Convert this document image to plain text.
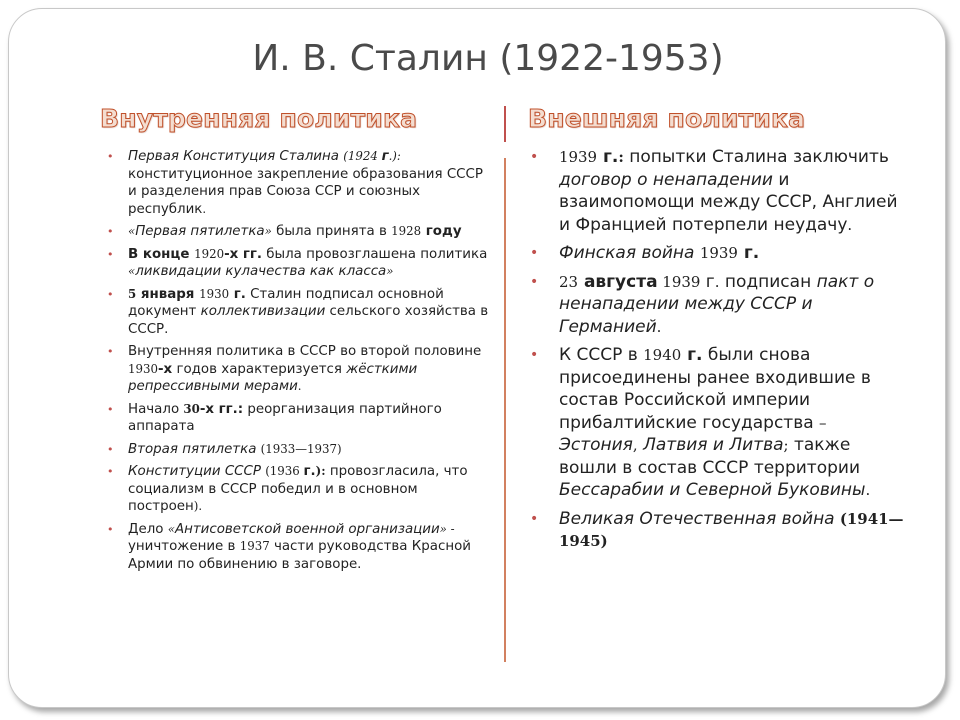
И. В. Сталин (1922-1953)
Внутренняя политика	Внешняя политика
• Первая Конституция Сталина (1924 г.): конституционное закрепление образования СССР и разделения прав Союза ССР и союзных республик.
• «Первая пятилетка» была принята в 1928 году
• В конце 1920-х гг. была провозглашена политика «ликвидации кулачества как класса»
• 5 января 1930 г. Сталин подписал основной документ коллективизации сельского хозяйства в СССР.
• Внутренняя политика в СССР во второй половине 1930-х годов характеризуется жёсткими репрессивными мерами.
• Начало 30-х гг.: реорганизация партийного аппарата
• Вторая пятилетка (1933—1937)
• Конституции СССР (1936 г.): провозгласила, что социализм в СССР победил и в основном построен).
• Дело «Антисоветской военной организации» - уничтожение в 1937 части руководства Красной Армии по обвинению в заговоре.
• 1939 г.: попытки Сталина заключить договор о ненападении и взаимопомощи между СССР, Англией и Францией потерпели неудачу.
• Финская война 1939 г.
• 23 августа 1939 г. подписан пакт о ненападении между СССР и Германией.
• К СССР в 1940 г. были снова присоединены ранее входившие в состав Российской империи прибалтийские государства – Эстония, Латвия и Литва; также вошли в состав СССР территории Бессарабии и Северной Буковины.
• Великая Отечественная война (1941—1945)
